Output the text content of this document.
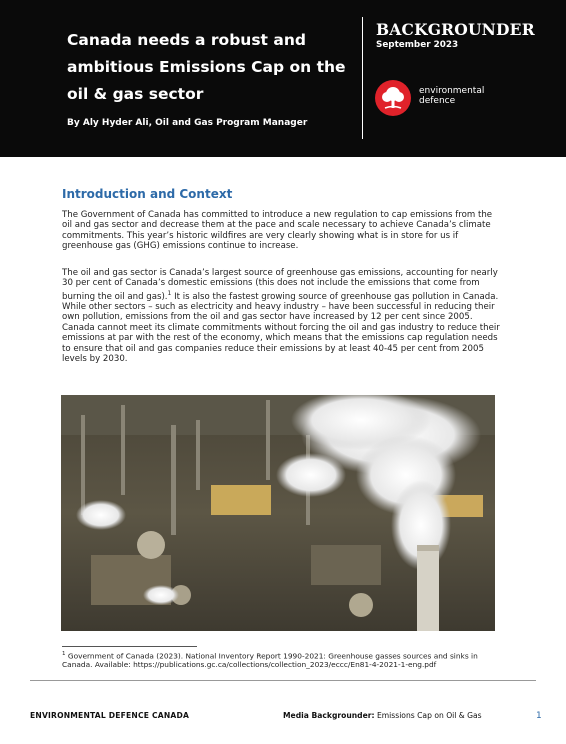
Canada needs a robust and ambitious Emissions Cap on the oil & gas sector
By Aly Hyder Ali, Oil and Gas Program Manager
BACKGROUNDER
September 2023
environmental
defence
Introduction and Context
The Government of Canada has committed to introduce a new regulation to cap emissions from the oil and gas sector and decrease them at the pace and scale necessary to achieve Canada’s climate commitments. This year’s historic wildfires are very clearly showing what is in store for us if greenhouse gas (GHG) emissions continue to increase.
The oil and gas sector is Canada’s largest source of greenhouse gas emissions, accounting for nearly 30 per cent of Canada’s domestic emissions (this does not include the emissions that come from burning the oil and gas).$^1$ It is also the fastest growing source of greenhouse gas pollution in Canada. While other sectors – such as electricity and heavy industry – have been successful in reducing their own pollution, emissions from the oil and gas sector have increased by 12 per cent since 2005. Canada cannot meet its climate commitments without forcing the oil and gas industry to reduce their emissions at par with the rest of the economy, which means that the emissions cap regulation needs to ensure that oil and gas companies reduce their emissions by at least 40-45 per cent from 2005 levels by 2030.
$^1$ Government of Canada (2023). National Inventory Report 1990-2021: Greenhouse gasses sources and sinks in Canada. Available: https://publications.gc.ca/collections/collection_2023/eccc/En81-4-2021-1-eng.pdf
ENVIRONMENTAL DEFENCE CANADA	Media Backgrounder: Emissions Cap on Oil & Gas	1
